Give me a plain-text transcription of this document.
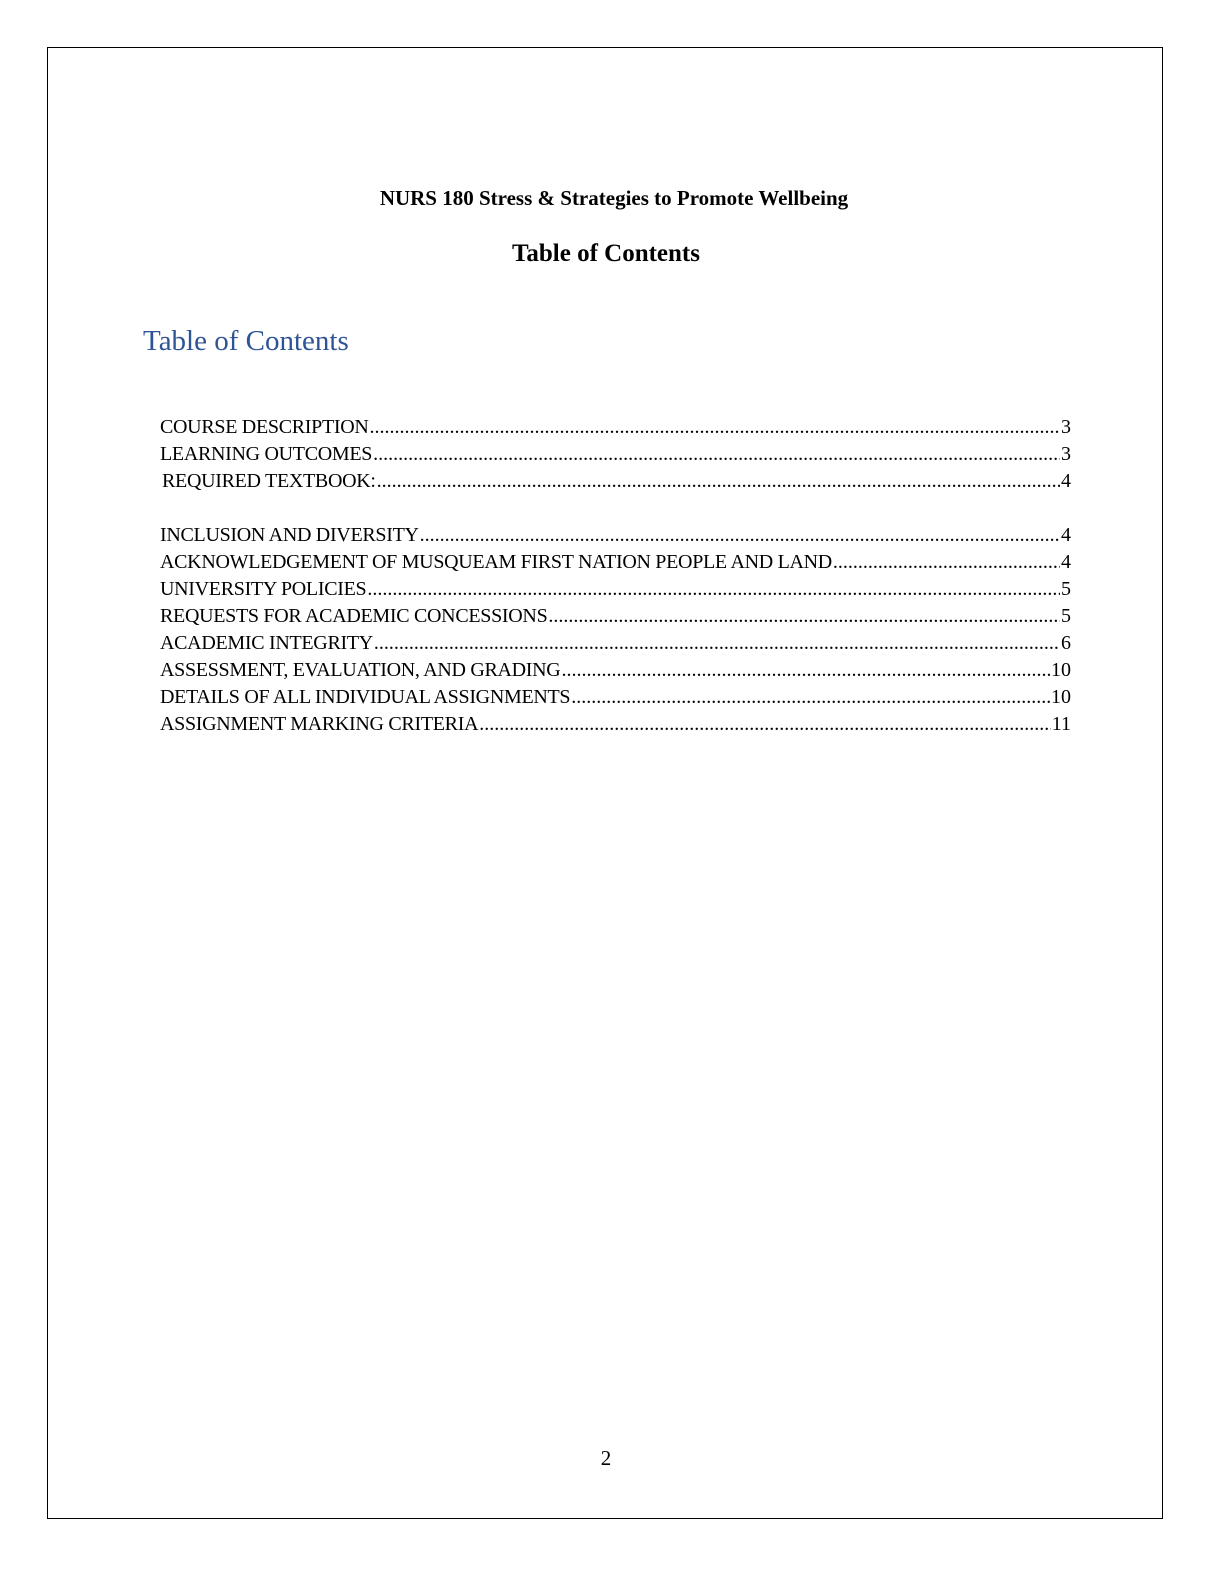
NURS 180 Stress & Strategies to Promote Wellbeing
Table of Contents
Table of Contents
COURSE DESCRIPTION .....	3
LEARNING OUTCOMES .....	3
REQUIRED TEXTBOOK: .....	4
INCLUSION AND DIVERSITY .....	4
ACKNOWLEDGEMENT OF MUSQUEAM FIRST NATION PEOPLE AND LAND .....	4
UNIVERSITY POLICIES .....	5
REQUESTS FOR ACADEMIC CONCESSIONS .....	5
ACADEMIC INTEGRITY .....	6
ASSESSMENT, EVALUATION, AND GRADING .....	10
DETAILS OF ALL INDIVIDUAL ASSIGNMENTS .....	10
ASSIGNMENT MARKING CRITERIA .....	11
2
